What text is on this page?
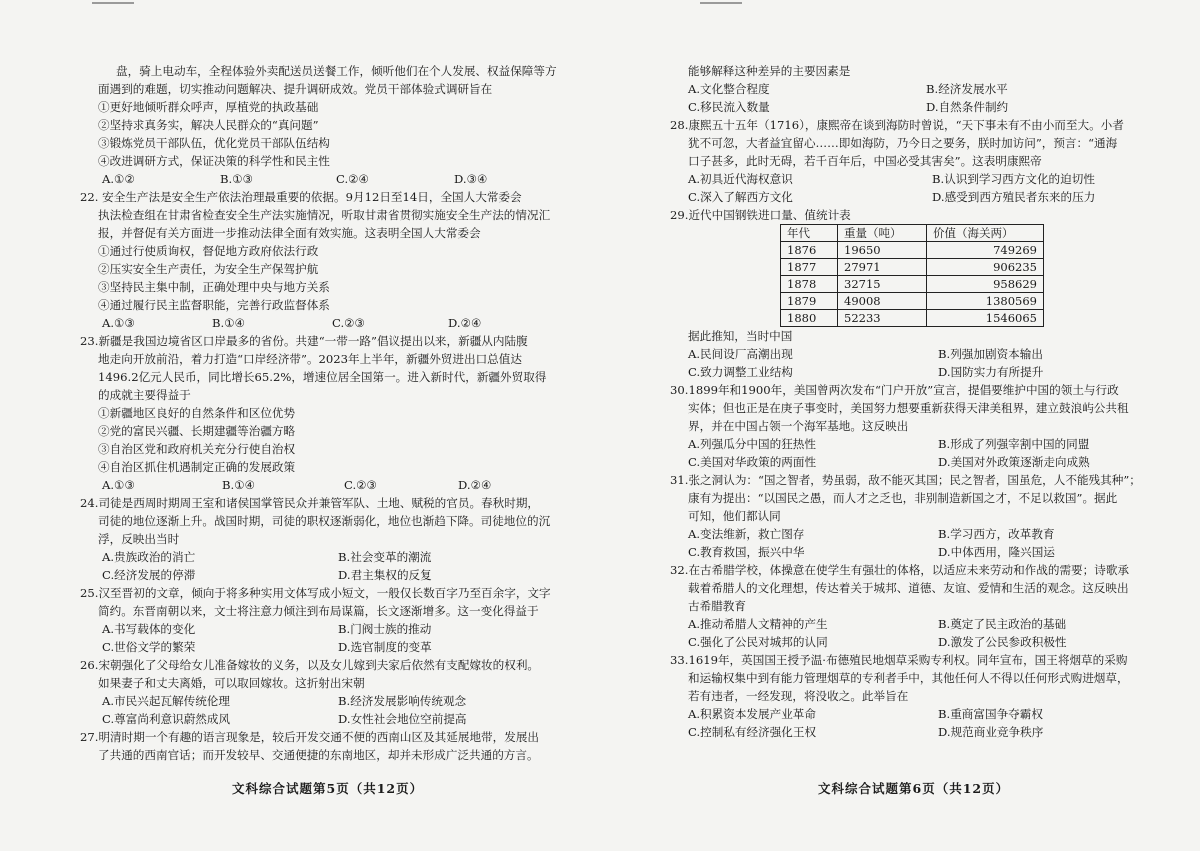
盘，骑上电动车，全程体验外卖配送员送餐工作，倾听他们在个人发展、权益保障等方
面遇到的难题，切实推动问题解决、提升调研成效。党员干部体验式调研旨在
①更好地倾听群众呼声，厚植党的执政基础
②坚持求真务实，解决人民群众的“真问题”
③锻炼党员干部队伍，优化党员干部队伍结构
④改进调研方式，保证决策的科学性和民主性
A.①②	B.①③	C.②④	D.③④
22. 安全生产法是安全生产依法治理最重要的依据。9月12日至14日，全国人大常委会
执法检查组在甘肃省检查安全生产法实施情况，听取甘肃省贯彻实施安全生产法的情况汇
报，并督促有关方面进一步推动法律全面有效实施。这表明全国人大常委会
①通过行使质询权，督促地方政府依法行政
②压实安全生产责任，为安全生产保驾护航
③坚持民主集中制，正确处理中央与地方关系
④通过履行民主监督职能，完善行政监督体系
A.①③	B.①④	C.②③	D.②④
23.新疆是我国边境省区口岸最多的省份。共建“一带一路”倡议提出以来，新疆从内陆腹
地走向开放前沿，着力打造“口岸经济带”。2023年上半年，新疆外贸进出口总值达
1496.2亿元人民币，同比增长65.2%，增速位居全国第一。进入新时代，新疆外贸取得
的成就主要得益于
①新疆地区良好的自然条件和区位优势
②党的富民兴疆、长期建疆等治疆方略
③自治区党和政府机关充分行使自治权
④自治区抓住机遇制定正确的发展政策
A.①③	B.①④	C.②③	D.②④
24.司徒是西周时期周王室和诸侯国掌管民众并兼管军队、土地、赋税的官员。春秋时期，
司徒的地位逐渐上升。战国时期，司徒的职权逐渐弱化，地位也渐趋下降。司徒地位的沉
浮，反映出当时
A.贵族政治的消亡	B.社会变革的潮流
C.经济发展的停滞	D.君主集权的反复
25.汉至晋初的文章，倾向于将多种实用文体写成小短文，一般仅长数百字乃至百余字，文字
简约。东晋南朝以来，文士将注意力倾注到布局谋篇，长文逐渐增多。这一变化得益于
A.书写载体的变化	B.门阀士族的推动
C.世俗文学的繁荣	D.选官制度的变革
26.宋朝强化了父母给女儿准备嫁妆的义务，以及女儿嫁到夫家后依然有支配嫁妆的权利。
如果妻子和丈夫离婚，可以取回嫁妆。这折射出宋朝
A.市民兴起瓦解传统伦理	B.经济发展影响传统观念
C.尊富尚利意识蔚然成风	D.女性社会地位空前提高
27.明清时期一个有趣的语言现象是，较后开发交通不便的西南山区及其延展地带，发展出
了共通的西南官话；而开发较早、交通便捷的东南地区，却并未形成广泛共通的方言。
能够解释这种差异的主要因素是
A.文化整合程度	B.经济发展水平
C.移民流入数量	D.自然条件制约
28.康熙五十五年（1716），康熙帝在谈到海防时曾说，“天下事未有不由小而至大。小者
犹不可忽，大者益宜留心……即如海防，乃今日之要务，朕时加访问”，预言：“通海
口子甚多，此时无碍，若千百年后，中国必受其害矣”。这表明康熙帝
A.初具近代海权意识	B.认识到学习西方文化的迫切性
C.深入了解西方文化	D.感受到西方殖民者东来的压力
29.近代中国钢铁进口量、值统计表
年代	重量（吨）	价值（海关两）
1876	19650	749269
1877	27971	906235
1878	32715	958629
1879	49008	1380569
1880	52233	1546065
据此推知，当时中国
A.民间设厂高潮出现	B.列强加剧资本输出
C.致力调整工业结构	D.国防实力有所提升
30.1899年和1900年，美国曾两次发布“门户开放”宣言，提倡要维护中国的领土与行政
实体；但也正是在庚子事变时，美国努力想要重新获得天津美租界，建立鼓浪屿公共租
界，并在中国占领一个海军基地。这反映出
A.列强瓜分中国的狂热性	B.形成了列强宰割中国的同盟
C.美国对华政策的两面性	D.美国对外政策逐渐走向成熟
31.张之洞认为：“国之智者，势虽弱，敌不能灭其国；民之智者，国虽危，人不能残其种”；
康有为提出：“以国民之愚，而人才之乏也，非别制造新国之才，不足以救国”。据此
可知，他们都认同
A.变法维新，救亡图存	B.学习西方，改革教育
C.教育救国，振兴中华	D.中体西用，隆兴国运
32.在古希腊学校，体操意在使学生有强壮的体格，以适应未来劳动和作战的需要；诗歌承
载着希腊人的文化理想，传达着关于城邦、道德、友谊、爱情和生活的观念。这反映出
古希腊教育
A.推动希腊人文精神的产生	B.奠定了民主政治的基础
C.强化了公民对城邦的认同	D.激发了公民参政积极性
33.1619年，英国国王授予温·布德殖民地烟草采购专利权。同年宣布，国王将烟草的采购
和运输权集中到有能力管理烟草的专利者手中，其他任何人不得以任何形式购进烟草，
若有违者，一经发现，将没收之。此举旨在
A.积累资本发展产业革命	B.重商富国争夺霸权
C.控制私有经济强化王权	D.规范商业竞争秩序
文科综合试题第5页（共12页）	文科综合试题第6页（共12页）
